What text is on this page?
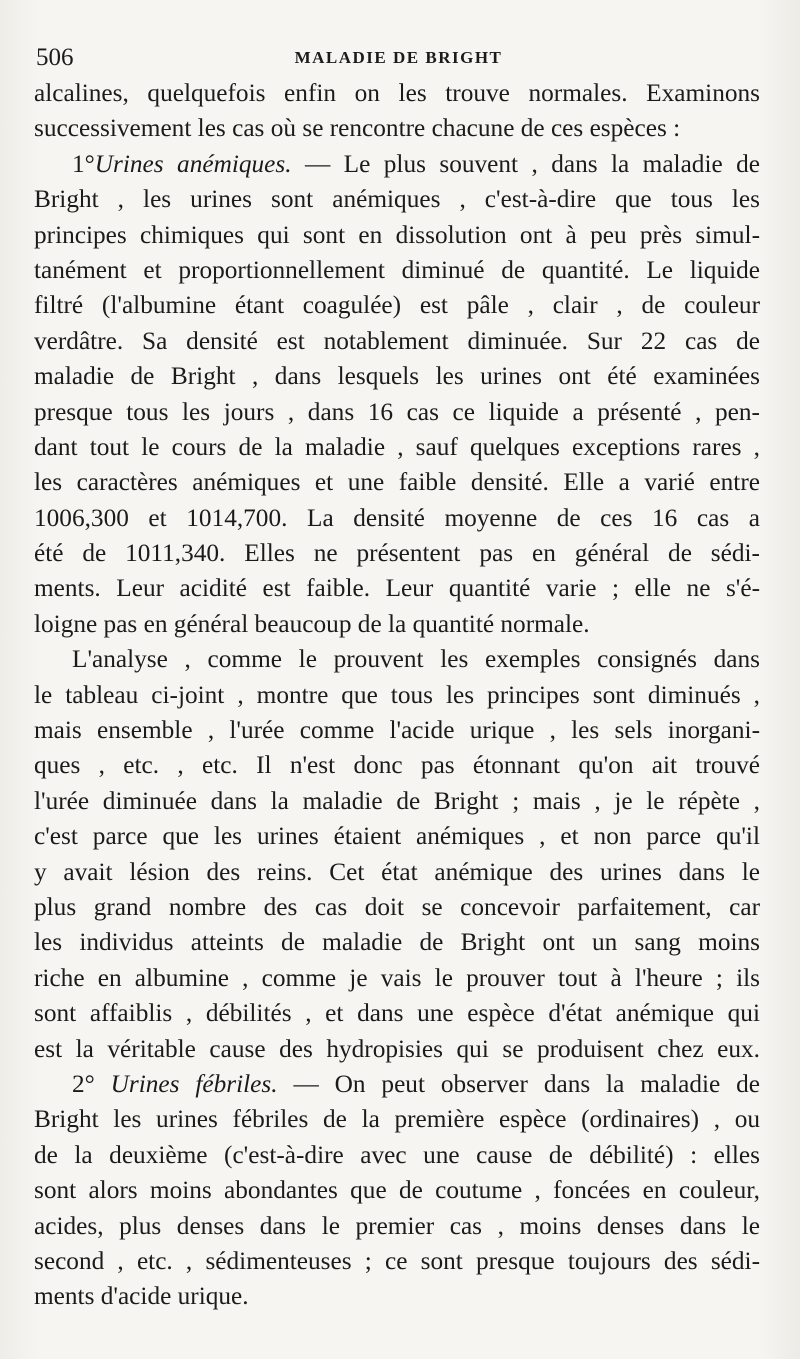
506	MALADIE DE BRIGHT
alcalines, quelquefois enfin on les trouve normales. Examinons
successivement les cas où se rencontre chacune de ces espèces :
1°Urines anémiques. — Le plus souvent , dans la maladie de
Bright , les urines sont anémiques , c'est-à-dire que tous les
principes chimiques qui sont en dissolution ont à peu près simul-
tanément et proportionnellement diminué de quantité. Le liquide
filtré (l'albumine étant coagulée) est pâle , clair , de couleur
verdâtre. Sa densité est notablement diminuée. Sur 22 cas de
maladie de Bright , dans lesquels les urines ont été examinées
presque tous les jours , dans 16 cas ce liquide a présenté , pen-
dant tout le cours de la maladie , sauf quelques exceptions rares ,
les caractères anémiques et une faible densité. Elle a varié entre
1006,300 et 1014,700. La densité moyenne de ces 16 cas a
été de 1011,340. Elles ne présentent pas en général de sédi-
ments. Leur acidité est faible. Leur quantité varie ; elle ne s'é-
loigne pas en général beaucoup de la quantité normale.
L'analyse , comme le prouvent les exemples consignés dans
le tableau ci-joint , montre que tous les principes sont diminués ,
mais ensemble , l'urée comme l'acide urique , les sels inorgani-
ques , etc. , etc. Il n'est donc pas étonnant qu'on ait trouvé
l'urée diminuée dans la maladie de Bright ; mais , je le répète ,
c'est parce que les urines étaient anémiques , et non parce qu'il
y avait lésion des reins. Cet état anémique des urines dans le
plus grand nombre des cas doit se concevoir parfaitement, car
les individus atteints de maladie de Bright ont un sang moins
riche en albumine , comme je vais le prouver tout à l'heure ; ils
sont affaiblis , débilités , et dans une espèce d'état anémique qui
est la véritable cause des hydropisies qui se produisent chez eux.
2° Urines fébriles. — On peut observer dans la maladie de
Bright les urines fébriles de la première espèce (ordinaires) , ou
de la deuxième (c'est-à-dire avec une cause de débilité) : elles
sont alors moins abondantes que de coutume , foncées en couleur,
acides, plus denses dans le premier cas , moins denses dans le
second , etc. , sédimenteuses ; ce sont presque toujours des sédi-
ments d'acide urique.
